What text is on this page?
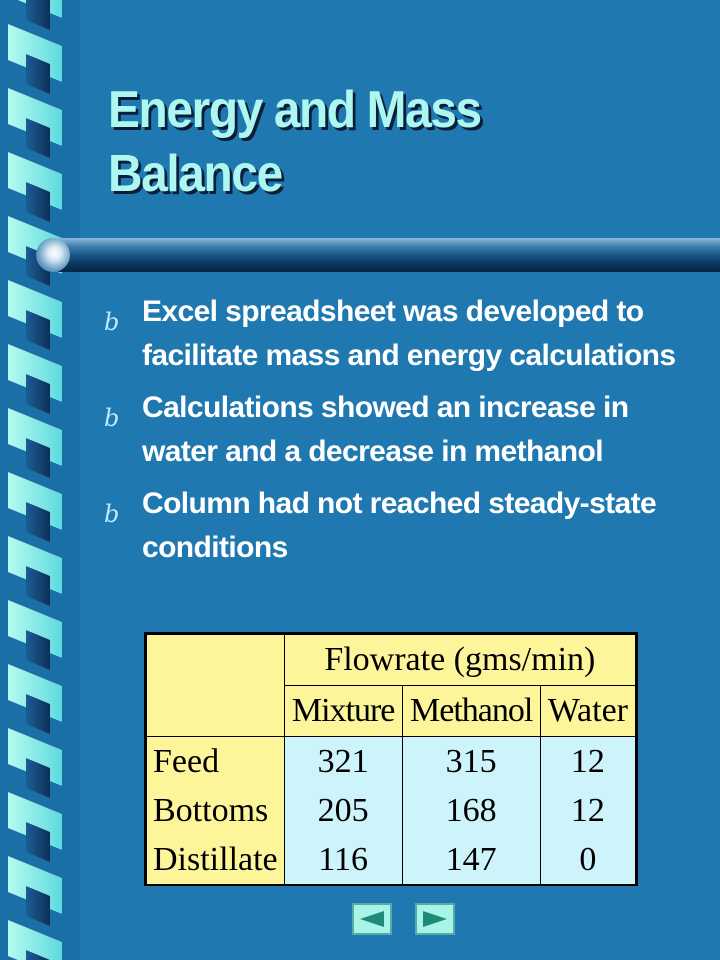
Energy and Mass
Balance
b Excel spreadsheet was developed to facilitate mass and energy calculations
b Calculations showed an increase in water and a decrease in methanol
b Column had not reached steady-state conditions
	Flowrate (gms/min)		
	Mixture	Methanol	Water
Feed	321	315	12
Bottoms	205	168	12
Distillate	116	147	0
